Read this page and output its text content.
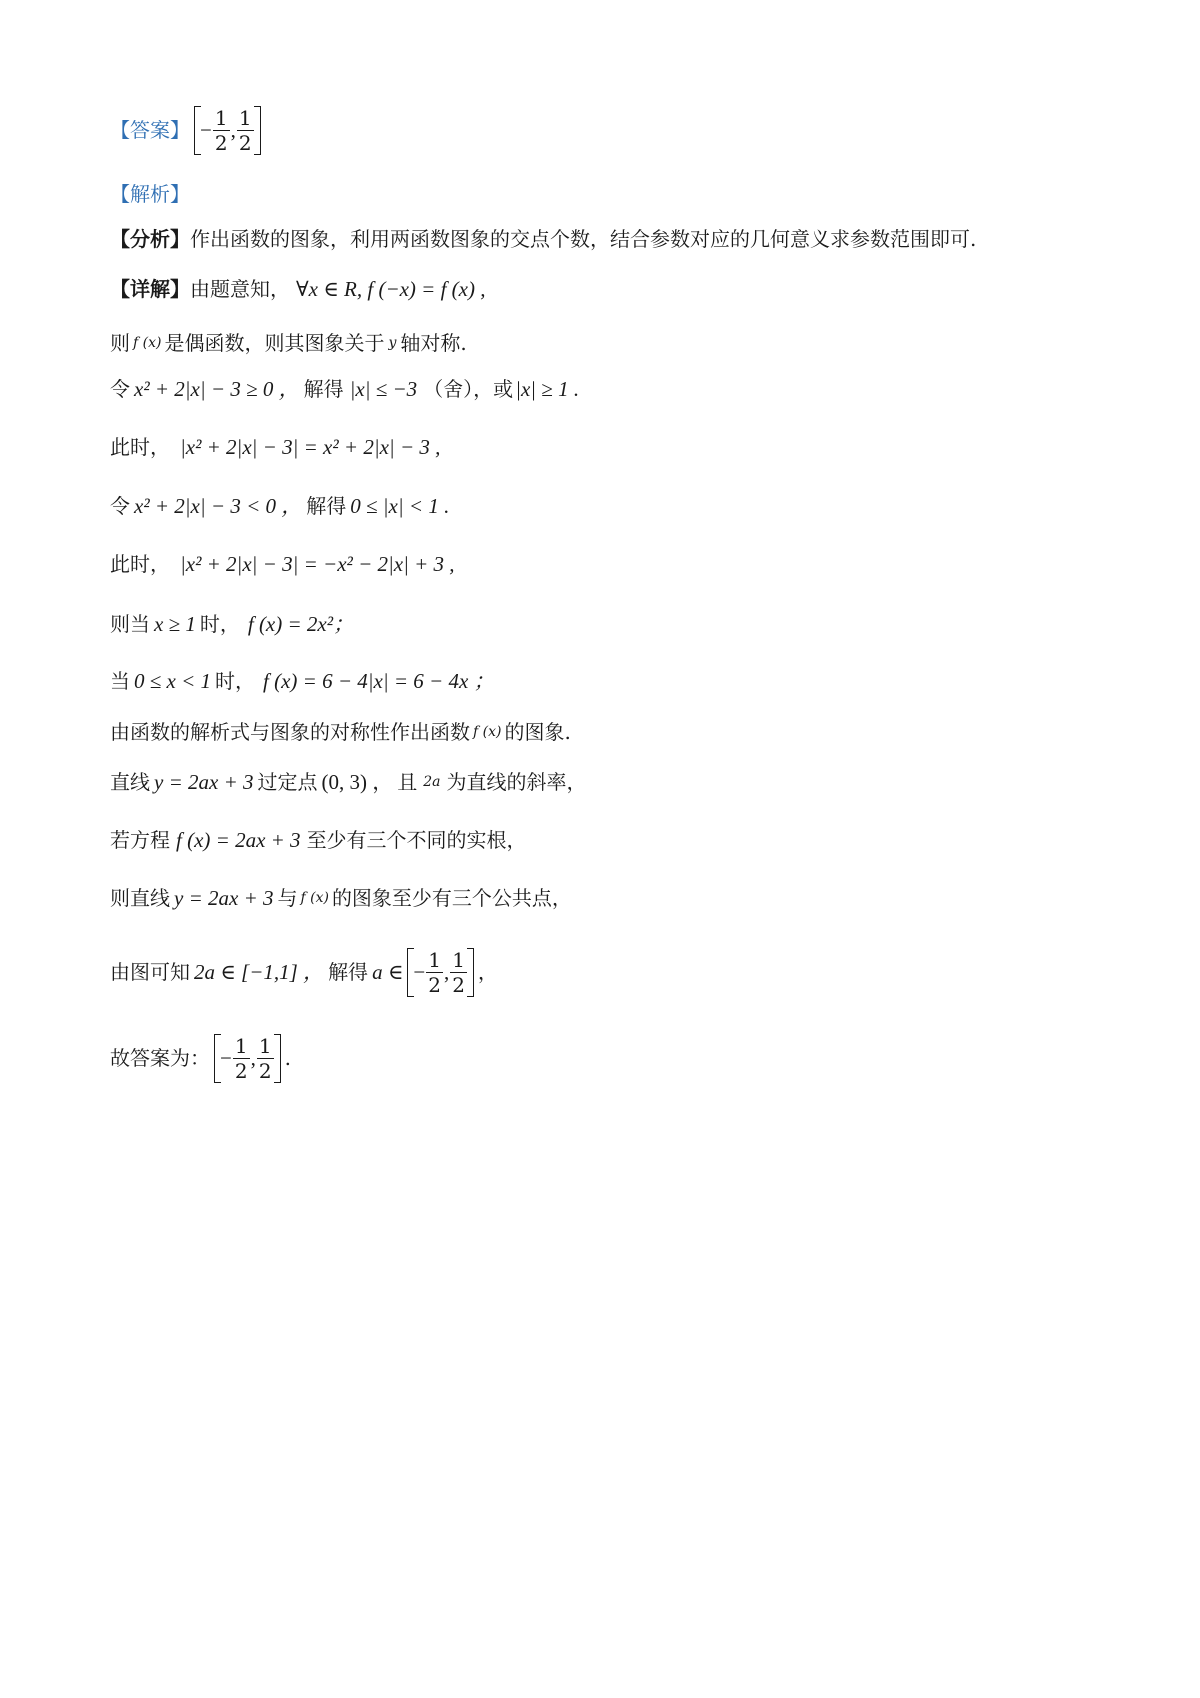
【答案】 − $\frac{1}{2}$ , $\frac{1}{2}$
【解析】
【分析】 作出函数的图象，利用两函数图象的交点个数，结合参数对应的几何意义求参数范围即可.
【详解】 由题意知， ∀x ∈ R, f (−x) = f (x) ,
则 f (x) 是偶函数，则其图象关于 y 轴对称.
令 x² + 2|x| − 3 ≥ 0 ， 解得 |x| ≤ −3 （舍），或 |x| ≥ 1 .
此时， |x² + 2|x| − 3| = x² + 2|x| − 3 ,
令 x² + 2|x| − 3 < 0 ， 解得 0 ≤ |x| < 1 .
此时， |x² + 2|x| − 3| = −x² − 2|x| + 3 ,
则当 x ≥ 1 时， f (x) = 2x²；
当 0 ≤ x < 1 时， f (x) = 6 − 4|x| = 6 − 4x ；
由函数的解析式与图象的对称性作出函数 f (x) 的图象.
直线 y = 2ax + 3 过定点 (0, 3) ， 且 2a 为直线的斜率，
若方程 f (x) = 2ax + 3 至少有三个不同的实根，
则直线 y = 2ax + 3 与 f (x) 的图象至少有三个公共点，
由图可知 2a ∈ [−1,1] ， 解得 a ∈ − $\frac{1}{2}$ , $\frac{1}{2}$ ，
故答案为： − $\frac{1}{2}$ , $\frac{1}{2}$ .
